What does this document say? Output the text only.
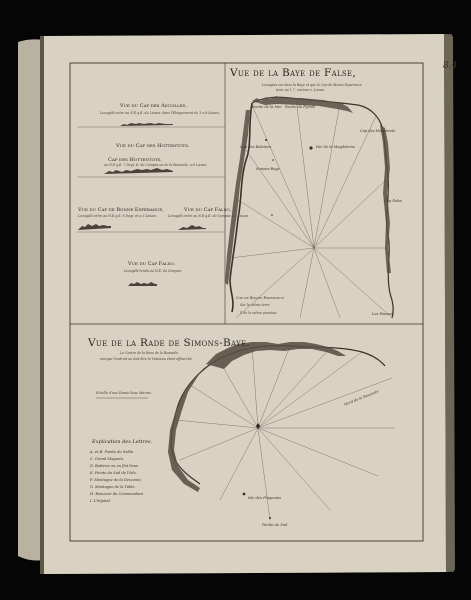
8.4
Vue de la Baye de False,
Levagées sur dans la Baye et que le Cap de Bonne Esperance
tenir au 1.7. environ v. Lieues.
Roche de la Mer Roche du Pyroté
Cap des Baleines	Isle de la Magdeleine
Cap des Hottentots
Cap Falso
Simons-Baye
Cap de Bonne Esperance
Les Fausses
Sur la même terre
Il de la même paroisse
Vue du Cap des Aiguilles,
Levagélé entre au N.E.q.E. du Lieues. dans l'Eloignement de 3 a 8 Lieues.
Vue du Cap des Hottentots.
Cap des Hottentots,
au N.E.q.E. 7 Degr. E. du Compas en de la Boussole, a 8 Lieues.
Vue du Cap de Bonne Espérance,
Levagélé entre au N.E.q.E. 6 Degr. et a 3 Lieues.
Vue du Cap Falso,
Levagélé entre au N.E.q.E. du Compas a 3 Lieues.
Vue du Cap Falso.
Levagélé tendu au N.E. du Compas.
Vue de la Rade de Simons-Baye.
Le Centre de la Rose de la Boussole,
marque l'endroit ou doit être le Vaisseau étant affourché.
Echelle d'une Demie lieue Marine.	Nord de la Boussole
Isle des Pingouins
Pointe du Sud
Explication des Lettres.
A. et B. Pointe du Sable.
C. Grand Magasin.
D. Batterie ou en flot lieue.
E. Pointe du Sud de l'Isle.
F. Montagne de la Descente.
G. Montagne de la Table.
H. Beauvoir du Commandant.
I. L'hôpital.
